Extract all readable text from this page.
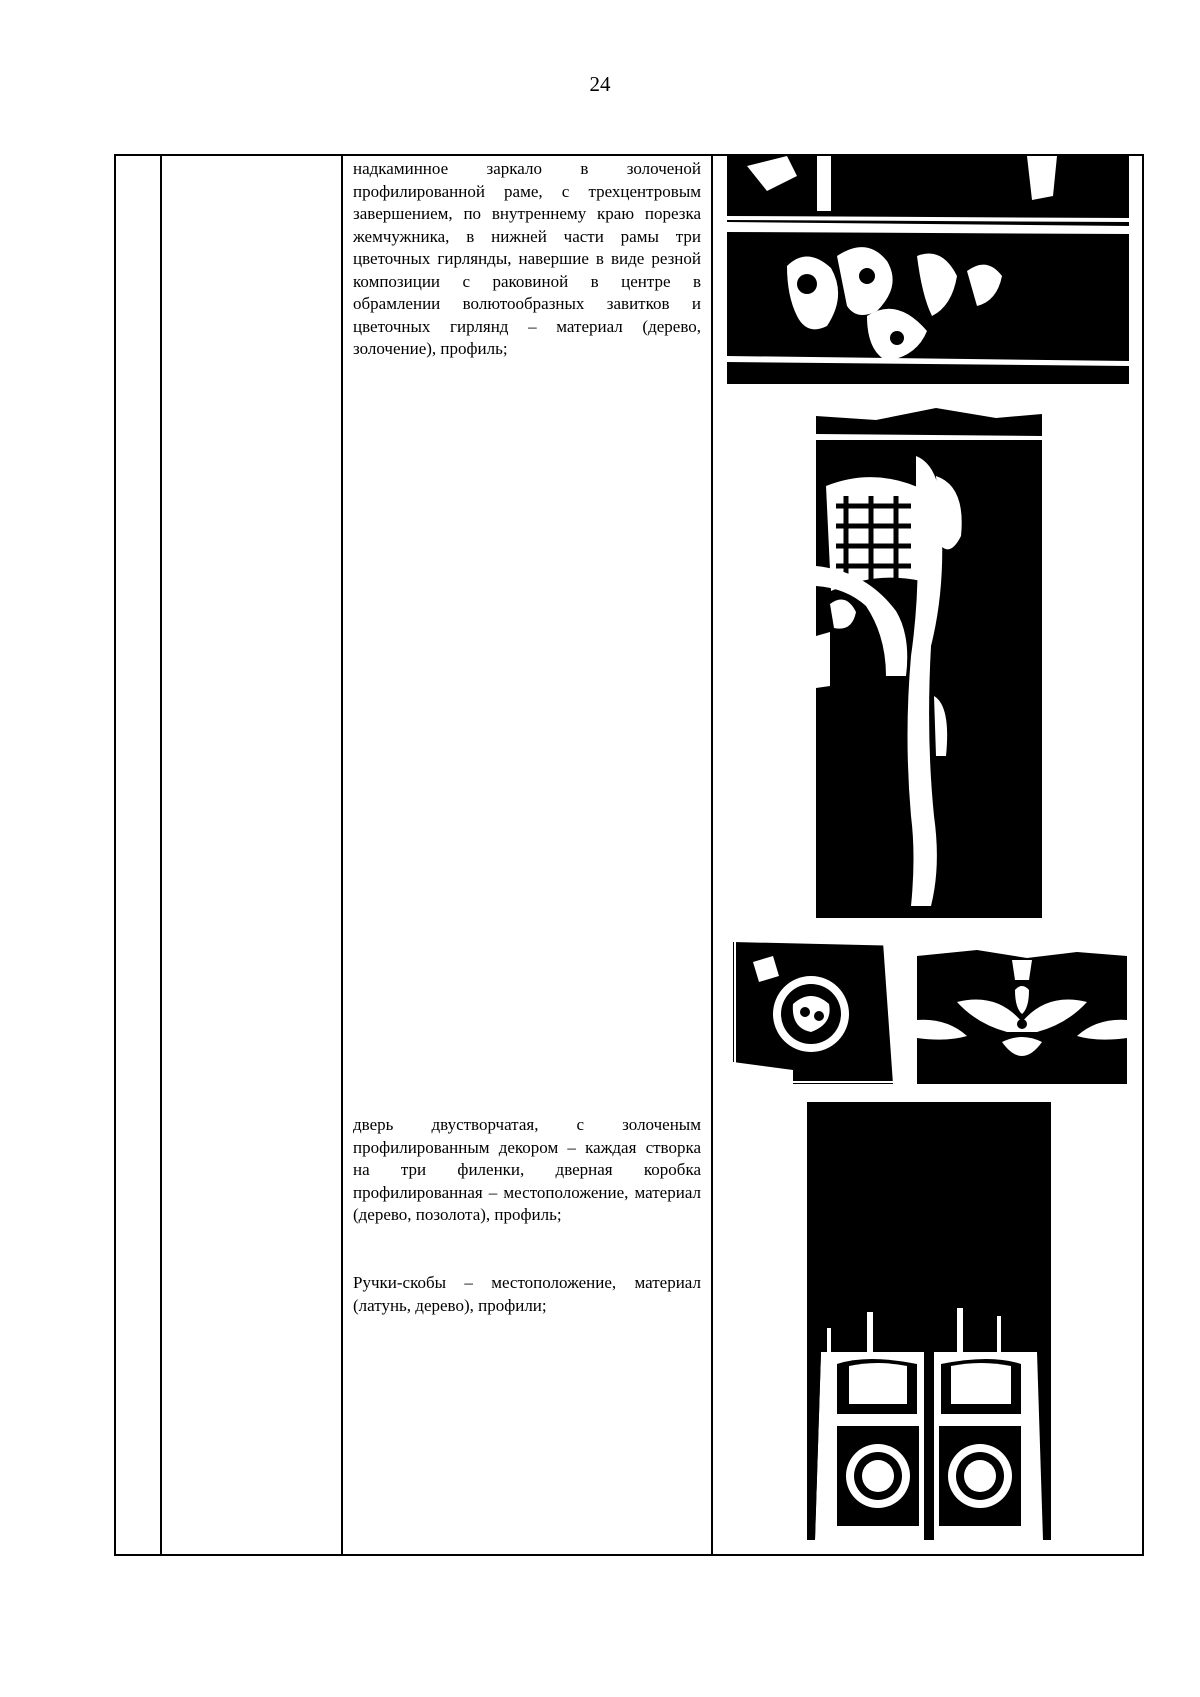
24

надкаминное заркало в золоченой профилированной раме, с трехцентровым завершением, по внутреннему краю порезка жемчужника, в нижней части рамы три цветочных гирлянды, навершие в виде резной композиции с раковиной в центре в обрамлении волютообразных завитков и цветочных гирлянд – материал (дерево, золочение), профиль;

дверь двустворчатая, с золоченым профилированным декором – каждая створка на три филенки, дверная коробка профилированная – местоположение, материал (дерево, позолота), профиль;

Ручки-скобы – местоположение, материал (латунь, дерево), профили;
